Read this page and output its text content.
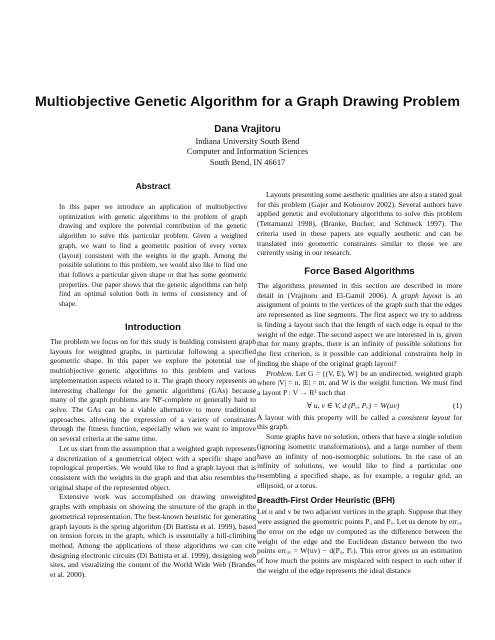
Multiobjective Genetic Algorithm for a Graph Drawing Problem
Dana Vrajitoru
Indiana University South Bend
Computer and Information Sciences
South Bend, IN 46617
Abstract
In this paper we introduce an application of multiobjective optimization with genetic algorithms to the problem of graph drawing and explore the potential contribution of the genetic algorithm to solve this particular problem. Given a weighted graph, we want to find a geometric position of every vertex (layout) consistent with the weights in the graph. Among the possible solutions to this problem, we would also like to find one that follows a particular given shape or that has some geometric properties. Our paper shows that the genetic algorithms can help find an optimal solution both in terms of consistency and of shape.
Introduction

The problem we focus on for this study is building consistent graph layouts for weighted graphs, in particular following a specified geometric shape. In this paper we explore the potential use of multiobjective genetic algorithms to this problem and various implementation aspects related to it. The graph theory represents an interesting challenge for the genetic algorithms (GAs) because many of the graph problems are NP-complete or generally hard to solve. The GAs can be a viable alternative to more traditional approaches, allowing the expression of a variety of constraints through the fitness function, especially when we want to improve on several criteria at the same time.

Let us start from the assumption that a weighted graph represents a discretization of a geometrical object with a specific shape and topological properties. We would like to find a graph layout that is consistent with the weights in the graph and that also resembles the original shape of the represented object.

Extensive work was accomplished on drawing unweighted graphs with emphasis on showing the structure of the graph in the geometrical representation. The best-known heuristic for generating graph layouts is the spring algorithm (Di Battista et al. 1999), based on tension forces in the graph, which is essentially a hill-climbing method. Among the applications of these algorithms we can cite designing electronic circuits (Di Battista et al. 1999), designing web sites, and visualizing the content of the World Wide Web (Brandes et al. 2000).

Layouts presenting some aesthetic qualities are also a stated goal for this problem (Gajer and Kobourov 2002). Several authors have applied genetic and evolutionary algorithms to solve this problem (Tettamanzi 1998), (Branke, Bucher, and Schmeck 1997). The criteria used in these papers are equally aesthetic and can be translated into geometric constraints similar to those we are currently using in our research.

Force Based Algorithms

The algorithms presented in this section are described in more detail in (Vrajitoru and El-Gamil 2006). A graph layout is an assignment of points to the vertices of the graph such that the edges are represented as line segments. The first aspect we try to address is finding a layout such that the length of each edge is equal to the weight of the edge. The second aspect we are interested in is, given that for many graphs, there is an infinity of possible solutions for the first criterion, is it possible can additional constraints help in finding the shape of the original graph layout?

Problem. Let G = {(V, E), W} be an undirected, weighted graph where |V| = n, |E| = m, and W is the weight function. We must find a layout P : V → R³ such that

∀ u, v ∈ V, d (Pᵤ, Pᵥ) = W(uv)	(1)

A layout with this property will be called a consistent layout for this graph.

Some graphs have no solution, others that have a single solution (ignoring isometric transformations), and a large number of them have an infinity of non-isomorphic solutions. In the case of an infinity of solutions, we would like to find a particular one resembling a specified shape, as for example, a regular grid, an ellipsoid, or a torus.

Breadth-First Order Heuristic (BFH)

Let u and v be two adjacent vertices in the graph. Suppose that they were assigned the geometric points Pᵤ and Pᵥ. Let us denote by errᵤᵥ the error on the edge uv computed as the difference between the weight of the edge and the Euclidean distance between the two points errᵤᵥ = W(uv) − d(Pᵤ, Pᵥ). This error gives us an estimation of how much the points are misplaced with respect to each other if the weight of the edge represents the ideal distance
